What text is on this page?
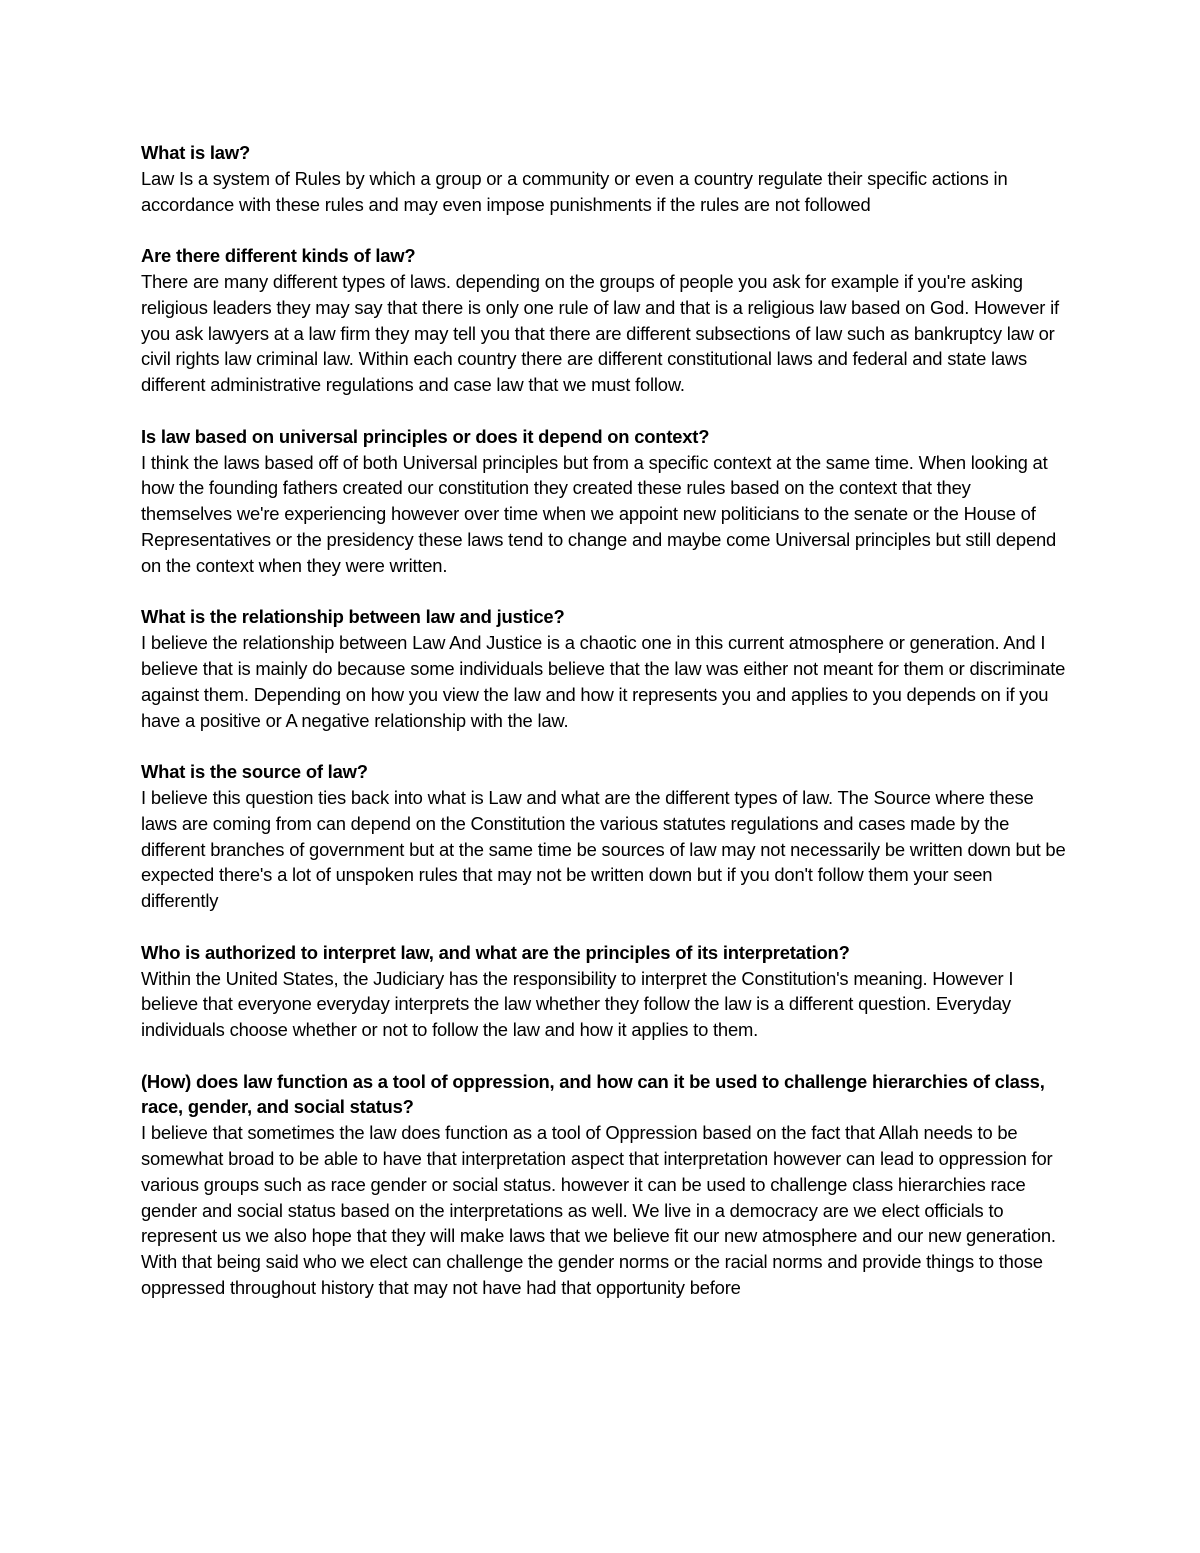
What is law?

Law Is a system of Rules by which a group or a community or even a country regulate their specific actions in accordance with these rules and may even impose punishments if the rules are not followed

Are there different kinds of law?

There are many different types of laws. depending on the groups of people you ask for example if you're asking religious leaders they may say that there is only one rule of law and that is a religious law based on God. However if you ask lawyers at a law firm they may tell you that there are different subsections of law such as bankruptcy law or civil rights law criminal law. Within each country there are different constitutional laws and federal and state laws different administrative regulations and case law that we must follow.

Is law based on universal principles or does it depend on context?

I think the laws based off of both Universal principles but from a specific context at the same time. When looking at how the founding fathers created our constitution they created these rules based on the context that they themselves we're experiencing however over time when we appoint new politicians to the senate or the House of Representatives or the presidency these laws tend to change and maybe come Universal principles but still depend on the context when they were written.

What is the relationship between law and justice?

I believe the relationship between Law And Justice is a chaotic one in this current atmosphere or generation. And I believe that is mainly do because some individuals believe that the law was either not meant for them or discriminate against them. Depending on how you view the law and how it represents you and applies to you depends on if you have a positive or A negative relationship with the law.

What is the source of law?

I believe this question ties back into what is Law and what are the different types of law. The Source where these laws are coming from can depend on the Constitution the various statutes regulations and cases made by the different branches of government but at the same time be sources of law may not necessarily be written down but be expected there's a lot of unspoken rules that may not be written down but if you don't follow them your seen differently

Who is authorized to interpret law, and what are the principles of its interpretation?

Within the United States, the Judiciary has the responsibility to interpret the Constitution's meaning. However I believe that everyone everyday interprets the law whether they follow the law is a different question. Everyday individuals choose whether or not to follow the law and how it applies to them.

(How) does law function as a tool of oppression, and how can it be used to challenge hierarchies of class, race, gender, and social status?

I believe that sometimes the law does function as a tool of Oppression based on the fact that Allah needs to be somewhat broad to be able to have that interpretation aspect that interpretation however can lead to oppression for various groups such as race gender or social status. however it can be used to challenge class hierarchies race gender and social status based on the interpretations as well. We live in a democracy are we elect officials to represent us we also hope that they will make laws that we believe fit our new atmosphere and our new generation. With that being said who we elect can challenge the gender norms or the racial norms and provide things to those oppressed throughout history that may not have had that opportunity before
